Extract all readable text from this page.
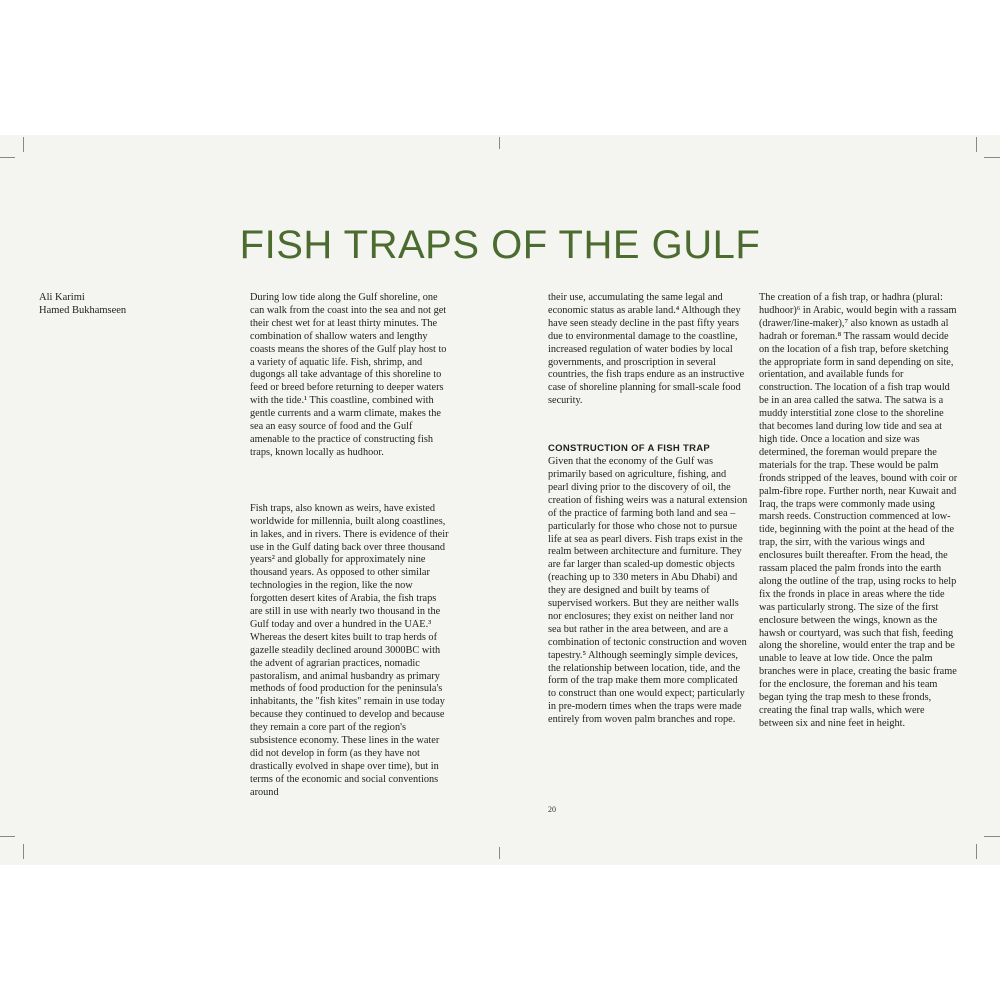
FISH TRAPS OF THE GULF
Ali Karimi
Hamed Bukhamseen

During low tide along the Gulf shoreline, one can walk from the coast into the sea and not get their chest wet for at least thirty minutes. The combination of shallow waters and lengthy coasts means the shores of the Gulf play host to a variety of aquatic life. Fish, shrimp, and dugongs all take advantage of this shoreline to feed or breed before returning to deeper waters with the tide.¹ This coastline, combined with gentle currents and a warm climate, makes the sea an easy source of food and the Gulf amenable to the practice of constructing fish traps, known locally as hudhoor.

Fish traps, also known as weirs, have existed worldwide for millennia, built along coastlines, in lakes, and in rivers. There is evidence of their use in the Gulf dating back over three thousand years² and globally for approximately nine thousand years. As opposed to other similar technologies in the region, like the now forgotten desert kites of Arabia, the fish traps are still in use with nearly two thousand in the Gulf today and over a hundred in the UAE.³ Whereas the desert kites built to trap herds of gazelle steadily declined around 3000BC with the advent of agrarian practices, nomadic pastoralism, and animal husbandry as primary methods of food production for the peninsula's inhabitants, the "fish kites" remain in use today because they continued to develop and because they remain a core part of the region's subsistence economy. These lines in the water did not develop in form (as they have not drastically evolved in shape over time), but in terms of the economic and social conventions around

their use, accumulating the same legal and economic status as arable land.⁴ Although they have seen steady decline in the past fifty years due to environmental damage to the coastline, increased regulation of water bodies by local governments, and proscription in several countries, the fish traps endure as an instructive case of shoreline planning for small-scale food security.

CONSTRUCTION OF A FISH TRAP

Given that the economy of the Gulf was primarily based on agriculture, fishing, and pearl diving prior to the discovery of oil, the creation of fishing weirs was a natural extension of the practice of farming both land and sea – particularly for those who chose not to pursue life at sea as pearl divers. Fish traps exist in the realm between architecture and furniture. They are far larger than scaled-up domestic objects (reaching up to 330 meters in Abu Dhabi) and they are designed and built by teams of supervised workers. But they are neither walls nor enclosures; they exist on neither land nor sea but rather in the area between, and are a combination of tectonic construction and woven tapestry.⁵ Although seemingly simple devices, the relationship between location, tide, and the form of the trap make them more complicated to construct than one would expect; particularly in pre-modern times when the traps were made entirely from woven palm branches and rope.

The creation of a fish trap, or hadhra (plural: hudhoor)⁶ in Arabic, would begin with a rassam (drawer/line-maker),⁷ also known as ustadh al hadrah or foreman.⁸ The rassam would decide on the location of a fish trap, before sketching the appropriate form in sand depending on site, orientation, and available funds for construction. The location of a fish trap would be in an area called the satwa. The satwa is a muddy interstitial zone close to the shoreline that becomes land during low tide and sea at high tide. Once a location and size was determined, the foreman would prepare the materials for the trap. These would be palm fronds stripped of the leaves, bound with coir or palm-fibre rope. Further north, near Kuwait and Iraq, the traps were commonly made using marsh reeds. Construction commenced at low-tide, beginning with the point at the head of the trap, the sirr, with the various wings and enclosures built thereafter. From the head, the rassam placed the palm fronds into the earth along the outline of the trap, using rocks to help fix the fronds in place in areas where the tide was particularly strong. The size of the first enclosure between the wings, known as the hawsh or courtyard, was such that fish, feeding along the shoreline, would enter the trap and be unable to leave at low tide. Once the palm branches were in place, creating the basic frame for the enclosure, the foreman and his team began tying the trap mesh to these fronds, creating the final trap walls, which were between six and nine feet in height.

20
